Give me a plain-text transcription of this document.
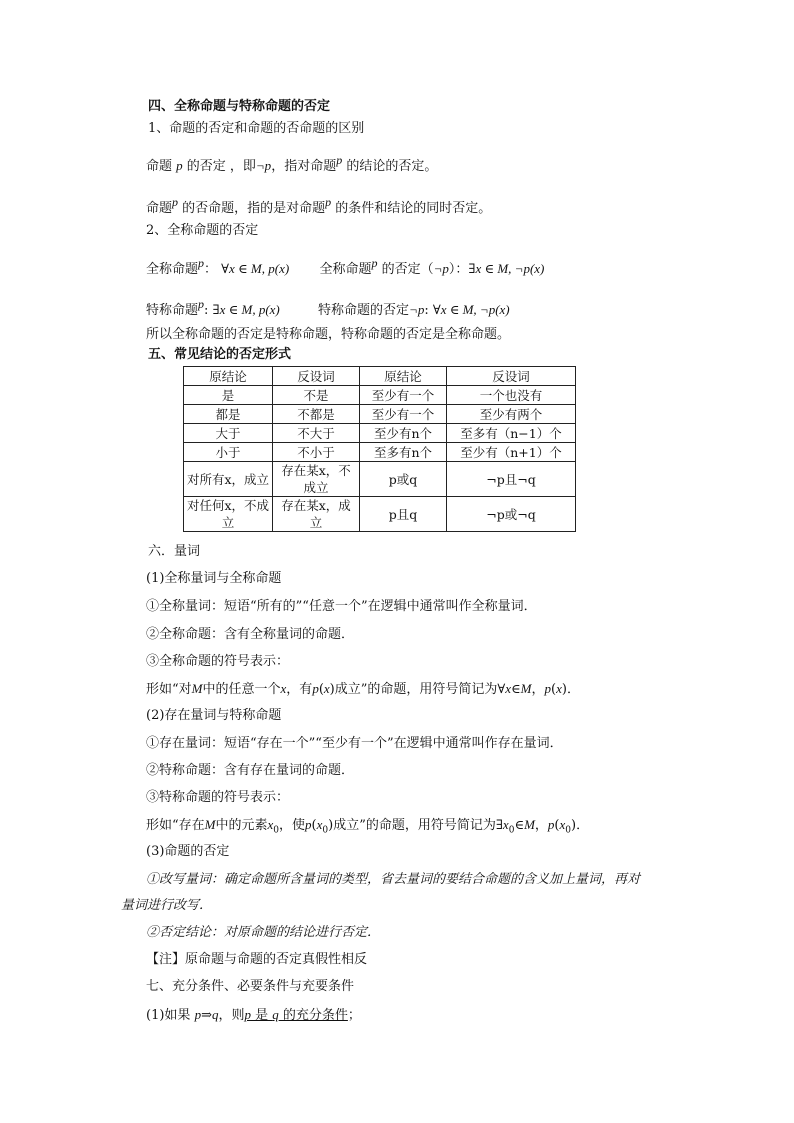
四、全称命题与特称命题的否定
1、命题的否定和命题的否命题的区别
命题 p 的否定 ，即¬p，指对命题p 的结论的否定。
命题p 的否命题，指的是对命题p 的条件和结论的同时否定。
2、全称命题的否定
全称命题p： ∀x ∈ M, p(x) 全称命题p 的否定（¬p）：∃x ∈ M, ¬p(x)
特称命题p: ∃x ∈ M, p(x)	特称命题的否定¬p: ∀x ∈ M, ¬p(x)
所以全称命题的否定是特称命题，特称命题的否定是全称命题。
五、常见结论的否定形式
原结论	反设词	原结论	反设词
是	不是	至少有一个	一个也没有
都是	不都是	至少有一个	至少有两个
大于	不大于	至少有n个	至多有（n−1）个
小于	不小于	至多有n个	至少有（n+1）个
对所有x，成立	存在某x，不成立	p或q	¬p且¬q
对任何x，不成立	存在某x，成立	p且q	¬p或¬q
六．量词
(1)全称量词与全称命题
①全称量词：短语“所有的”“任意一个”在逻辑中通常叫作全称量词．
②全称命题：含有全称量词的命题．
③全称命题的符号表示：
形如“对M中的任意一个x，有p(x)成立”的命题，用符号简记为∀x∈M，p(x)．
(2)存在量词与特称命题
①存在量词：短语“存在一个”“至少有一个”在逻辑中通常叫作存在量词．
②特称命题：含有存在量词的命题．
③特称命题的符号表示：
形如“存在M中的元素$x_0$，使$p(x_0)$成立”的命题，用符号简记为$\exists x_0\in M$，$p(x_0)$．
(3)命题的否定
①改写量词：确定命题所含量词的类型，省去量词的要结合命题的含义加上量词，再对
量词进行改写．
②否定结论：对原命题的结论进行否定．
【注】原命题与命题的否定真假性相反
七、充分条件、必要条件与充要条件
(1)如果 p⇒q，则p 是 q 的充分条件；
